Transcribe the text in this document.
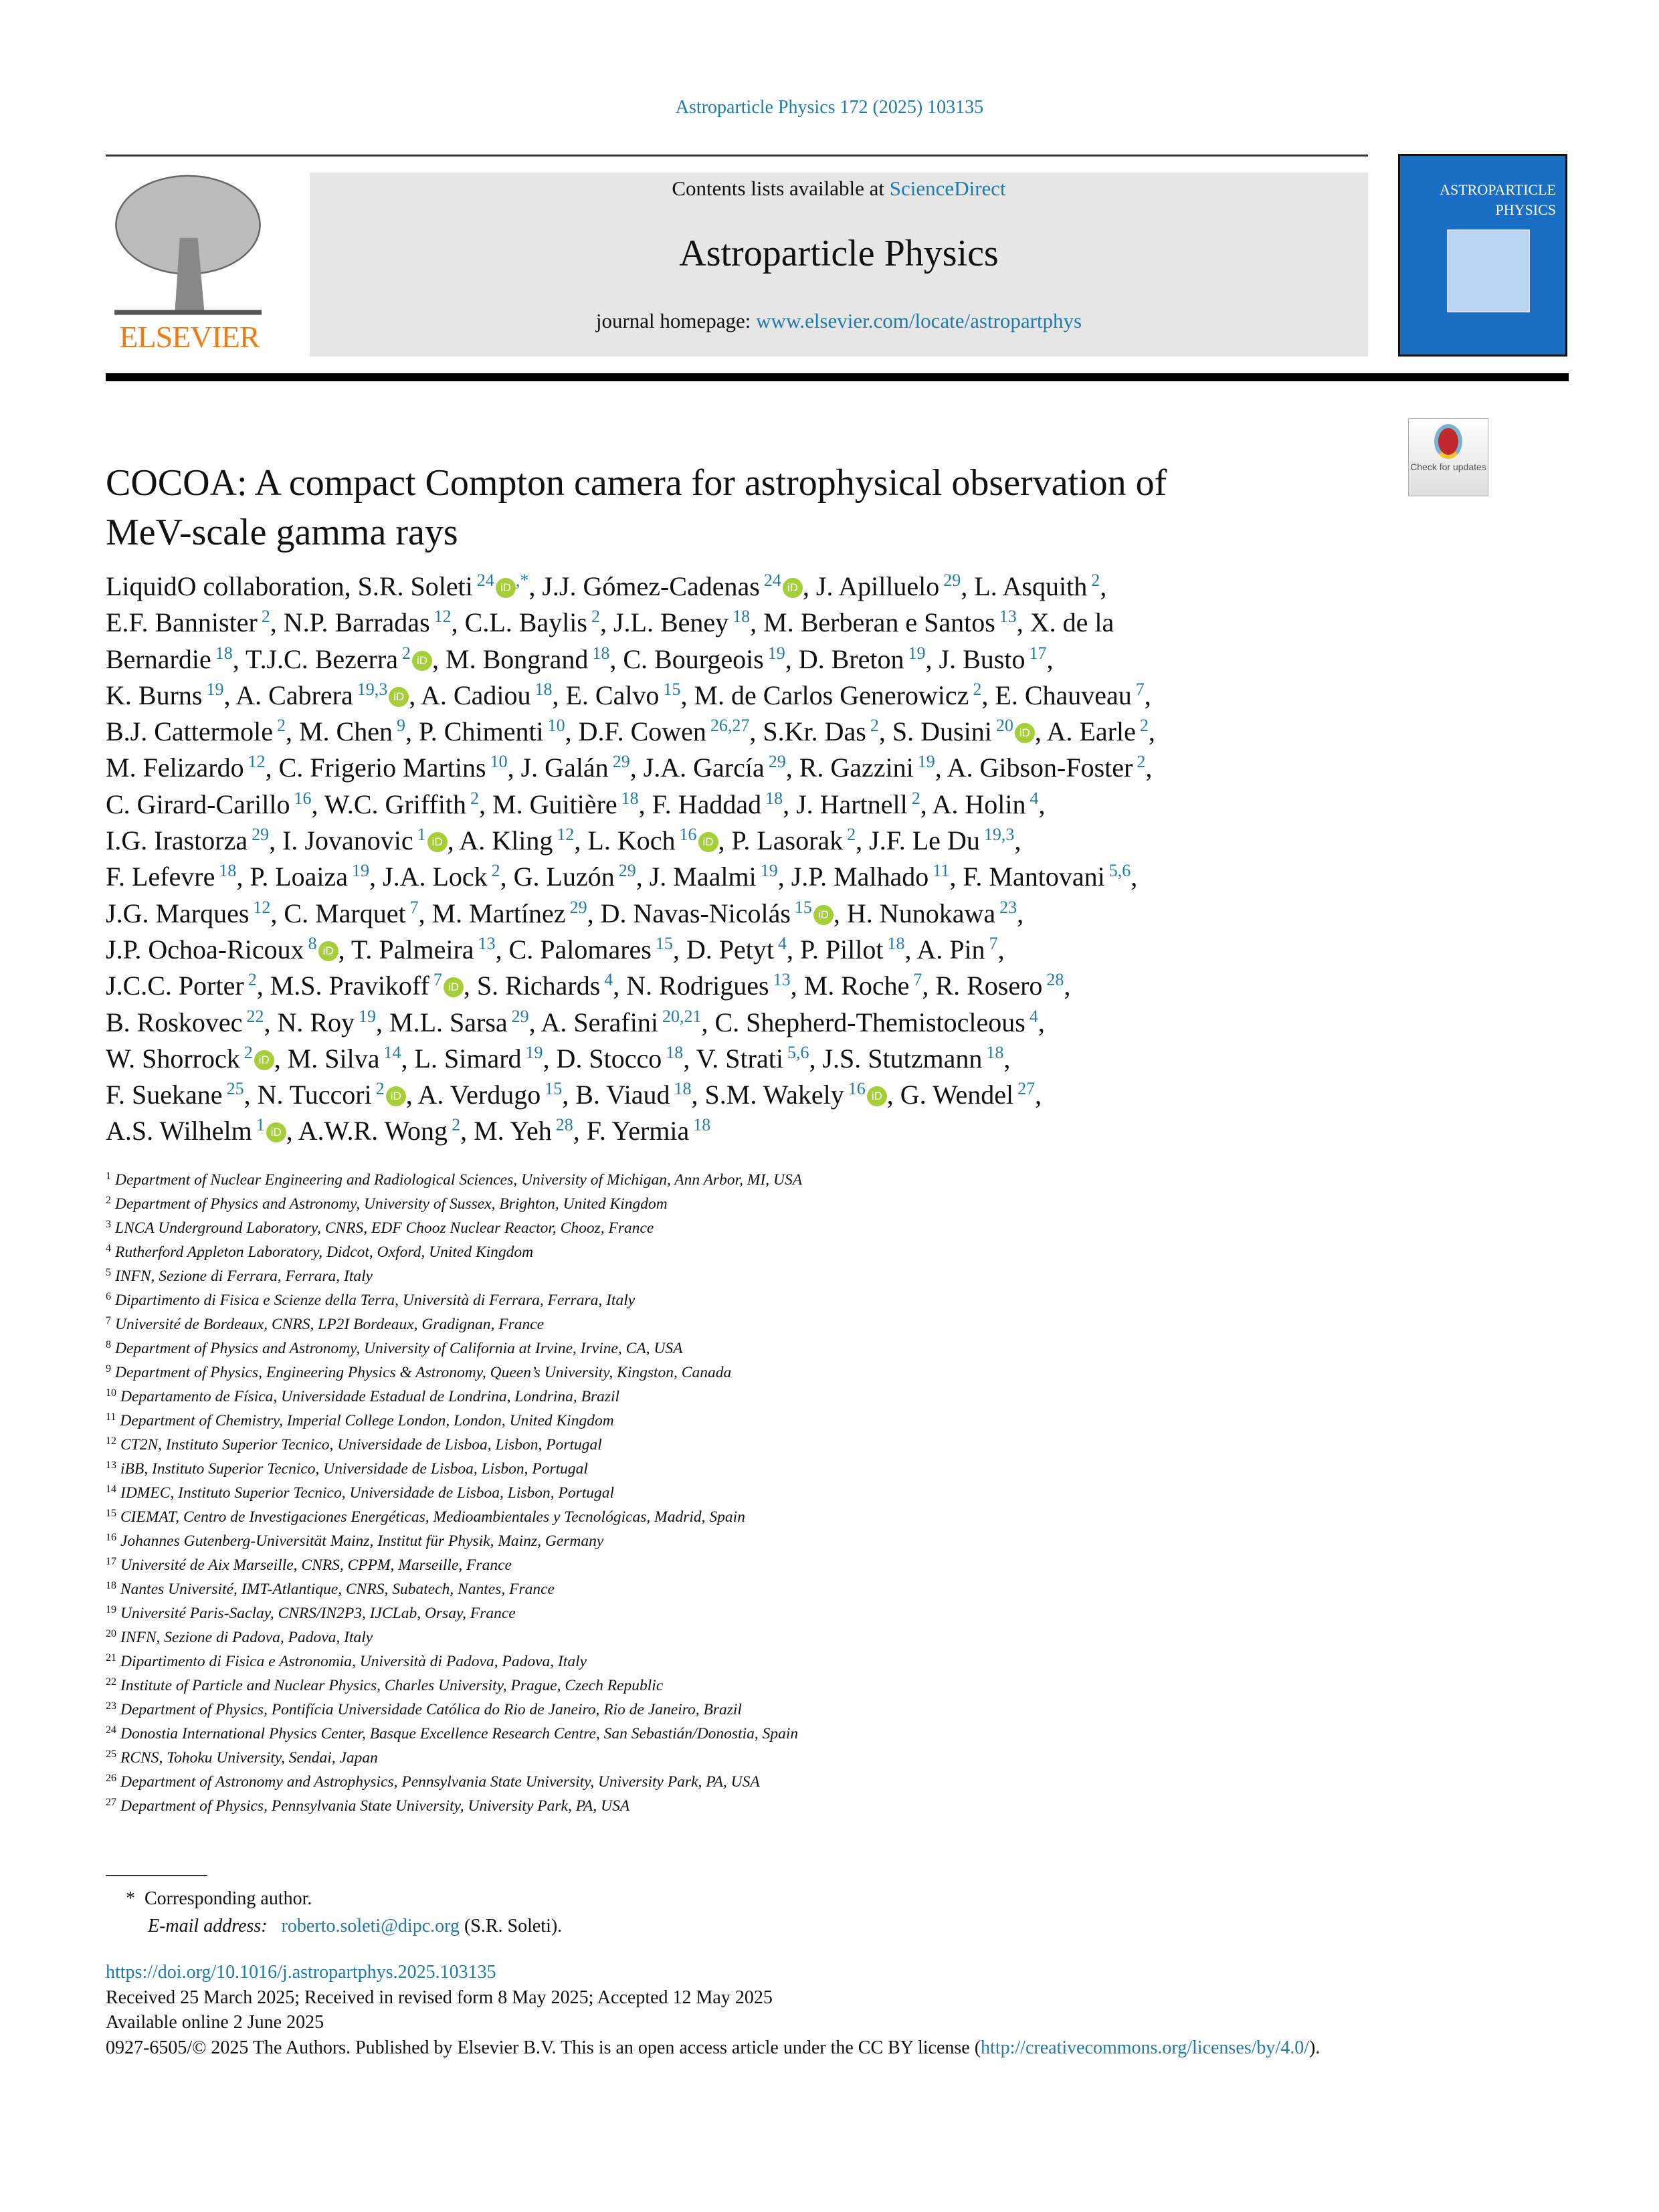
Astroparticle Physics 172 (2025) 103135
ELSEVIER
Contents lists available at ScienceDirect
Astroparticle Physics
journal homepage: www.elsevier.com/locate/astropartphys
ASTROPARTICLE
PHYSICS
Check for updates
COCOA: A compact Compton camera for astrophysical observation of
MeV-scale gamma rays
LiquidO collaboration, S.R. Soleti $^{24}$ iD ,*, J.J. Gómez-Cadenas $^{24}$ iD , J. Apilluelo $^{29}$, L. Asquith $^2$,
E.F. Bannister $^2$, N.P. Barradas $^{12}$, C.L. Baylis $^2$, J.L. Beney $^{18}$, M. Berberan e Santos $^{13}$, X. de la
Bernardie $^{18}$, T.J.C. Bezerra $^2$ iD , M. Bongrand $^{18}$, C. Bourgeois $^{19}$, D. Breton $^{19}$, J. Busto $^{17}$,
K. Burns $^{19}$, A. Cabrera $^{19,3}$ iD , A. Cadiou $^{18}$, E. Calvo $^{15}$, M. de Carlos Generowicz $^2$, E. Chauveau $^7$,
B.J. Cattermole $^2$, M. Chen $^9$, P. Chimenti $^{10}$, D.F. Cowen $^{26,27}$, S.Kr. Das $^2$, S. Dusini $^{20}$ iD , A. Earle $^2$,
M. Felizardo $^{12}$, C. Frigerio Martins $^{10}$, J. Galán $^{29}$, J.A. García $^{29}$, R. Gazzini $^{19}$, A. Gibson-Foster $^2$,
C. Girard-Carillo $^{16}$, W.C. Griffith $^2$, M. Guitière $^{18}$, F. Haddad $^{18}$, J. Hartnell $^2$, A. Holin $^4$,
I.G. Irastorza $^{29}$, I. Jovanovic $^1$ iD , A. Kling $^{12}$, L. Koch $^{16}$ iD , P. Lasorak $^2$, J.F. Le Du $^{19,3}$,
F. Lefevre $^{18}$, P. Loaiza $^{19}$, J.A. Lock $^2$, G. Luzón $^{29}$, J. Maalmi $^{19}$, J.P. Malhado $^{11}$, F. Mantovani $^{5,6}$,
J.G. Marques $^{12}$, C. Marquet $^7$, M. Martínez $^{29}$, D. Navas-Nicolás $^{15}$ iD , H. Nunokawa $^{23}$,
J.P. Ochoa-Ricoux $^8$ iD , T. Palmeira $^{13}$, C. Palomares $^{15}$, D. Petyt $^4$, P. Pillot $^{18}$, A. Pin $^7$,
J.C.C. Porter $^2$, M.S. Pravikoff $^7$ iD , S. Richards $^4$, N. Rodrigues $^{13}$, M. Roche $^7$, R. Rosero $^{28}$,
B. Roskovec $^{22}$, N. Roy $^{19}$, M.L. Sarsa $^{29}$, A. Serafini $^{20,21}$, C. Shepherd-Themistocleous $^4$,
W. Shorrock $^2$ iD , M. Silva $^{14}$, L. Simard $^{19}$, D. Stocco $^{18}$, V. Strati $^{5,6}$, J.S. Stutzmann $^{18}$,
F. Suekane $^{25}$, N. Tuccori $^2$ iD , A. Verdugo $^{15}$, B. Viaud $^{18}$, S.M. Wakely $^{16}$ iD , G. Wendel $^{27}$,
A.S. Wilhelm $^1$ iD , A.W.R. Wong $^2$, M. Yeh $^{28}$, F. Yermia $^{18}$
$^1$ Department of Nuclear Engineering and Radiological Sciences, University of Michigan, Ann Arbor, MI, USA
$^2$ Department of Physics and Astronomy, University of Sussex, Brighton, United Kingdom
$^3$ LNCA Underground Laboratory, CNRS, EDF Chooz Nuclear Reactor, Chooz, France
$^4$ Rutherford Appleton Laboratory, Didcot, Oxford, United Kingdom
$^5$ INFN, Sezione di Ferrara, Ferrara, Italy
$^6$ Dipartimento di Fisica e Scienze della Terra, Università di Ferrara, Ferrara, Italy
$^7$ Université de Bordeaux, CNRS, LP2I Bordeaux, Gradignan, France
$^8$ Department of Physics and Astronomy, University of California at Irvine, Irvine, CA, USA
$^9$ Department of Physics, Engineering Physics & Astronomy, Queen’s University, Kingston, Canada
$^{10}$ Departamento de Física, Universidade Estadual de Londrina, Londrina, Brazil
$^{11}$ Department of Chemistry, Imperial College London, London, United Kingdom
$^{12}$ CT2N, Instituto Superior Tecnico, Universidade de Lisboa, Lisbon, Portugal
$^{13}$ iBB, Instituto Superior Tecnico, Universidade de Lisboa, Lisbon, Portugal
$^{14}$ IDMEC, Instituto Superior Tecnico, Universidade de Lisboa, Lisbon, Portugal
$^{15}$ CIEMAT, Centro de Investigaciones Energéticas, Medioambientales y Tecnológicas, Madrid, Spain
$^{16}$ Johannes Gutenberg-Universität Mainz, Institut für Physik, Mainz, Germany
$^{17}$ Université de Aix Marseille, CNRS, CPPM, Marseille, France
$^{18}$ Nantes Université, IMT-Atlantique, CNRS, Subatech, Nantes, France
$^{19}$ Université Paris-Saclay, CNRS/IN2P3, IJCLab, Orsay, France
$^{20}$ INFN, Sezione di Padova, Padova, Italy
$^{21}$ Dipartimento di Fisica e Astronomia, Università di Padova, Padova, Italy
$^{22}$ Institute of Particle and Nuclear Physics, Charles University, Prague, Czech Republic
$^{23}$ Department of Physics, Pontifícia Universidade Católica do Rio de Janeiro, Rio de Janeiro, Brazil
$^{24}$ Donostia International Physics Center, Basque Excellence Research Centre, San Sebastián/Donostia, Spain
$^{25}$ RCNS, Tohoku University, Sendai, Japan
$^{26}$ Department of Astronomy and Astrophysics, Pennsylvania State University, University Park, PA, USA
$^{27}$ Department of Physics, Pennsylvania State University, University Park, PA, USA
* Corresponding author.
E-mail address: roberto.soleti@dipc.org (S.R. Soleti).
https://doi.org/10.1016/j.astropartphys.2025.103135
Received 25 March 2025; Received in revised form 8 May 2025; Accepted 12 May 2025
Available online 2 June 2025
0927-6505/© 2025 The Authors. Published by Elsevier B.V. This is an open access article under the CC BY license (http://creativecommons.org/licenses/by/4.0/).
